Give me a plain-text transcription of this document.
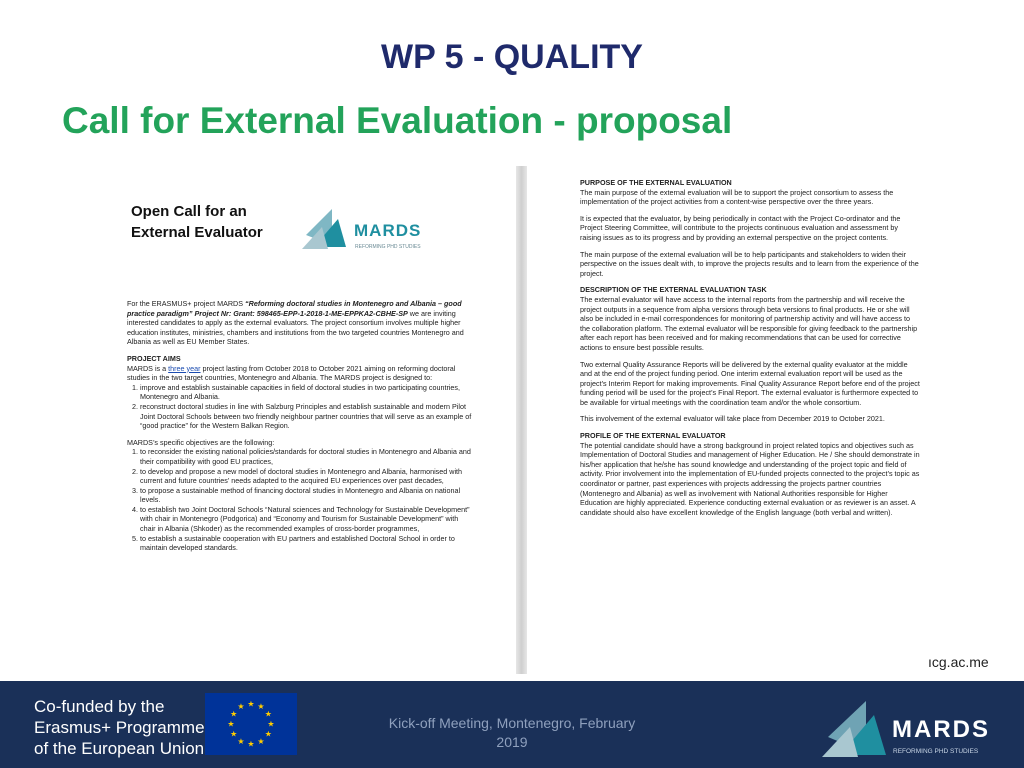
WP 5 - QUALITY
Call for External Evaluation - proposal
Open Call for an
External Evaluator	MARDS
REFORMING PHD STUDIES

For the ERASMUS+ project MARDS “Reforming doctoral studies in Montenegro and Albania – good practice paradigm” Project Nr: Grant: 598465-EPP-1-2018-1-ME-EPPKA2-CBHE-SP we are inviting interested candidates to apply as the external evaluators. The project consortium involves multiple higher education institutes, ministries, chambers and institutions from the two targeted countries Montenegro and Albania as well as EU Member States.

PROJECT AIMS

MARDS is a three year project lasting from October 2018 to October 2021 aiming on reforming doctoral studies in the two target countries, Montenegro and Albania. The MARDS project is designed to:

1. improve and establish sustainable capacities in field of doctoral studies in two participating countries, Montenegro and Albania.
2. reconstruct doctoral studies in line with Salzburg Principles and establish sustainable and modern Pilot Joint Doctoral Schools between two friendly neighbour partner countries that will serve as an example of “good practice” for the Western Balkan Region.

MARDS’s specific objectives are the following:

1. to reconsider the existing national policies/standards for doctoral studies in Montenegro and Albania and their compatibility with good EU practices,
2. to develop and propose a new model of doctoral studies in Montenegro and Albania, harmonised with current and future countries’ needs adapted to the acquired EU experiences over past decades,
3. to propose a sustainable method of financing doctoral studies in Montenegro and Albania on national levels.
4. to establish two Joint Doctoral Schools “Natural sciences and Technology for Sustainable Development” with chair in Montenegro (Podgorica) and “Economy and Tourism for Sustainable Development” with chair in Albania (Shkoder) as the recommended examples of cross-border programmes,
5. to establish a sustainable cooperation with EU partners and established Doctoral School in order to maintain developed standards.

PURPOSE OF THE EXTERNAL EVALUATION

The main purpose of the external evaluation will be to support the project consortium to assess the implementation of the project activities from a content-wise perspective over the three years.

It is expected that the evaluator, by being periodically in contact with the Project Co-ordinator and the Project Steering Committee, will contribute to the projects continuous evaluation and assessment by raising issues as to its progress and by providing an external perspective on the project contents.

The main purpose of the external evaluation will be to help participants and stakeholders to widen their perspective on the issues dealt with, to improve the projects results and to learn from the experience of the project.

DESCRIPTION OF THE EXTERNAL EVALUATION TASK

The external evaluator will have access to the internal reports from the partnership and will receive the project outputs in a sequence from alpha versions through beta versions to final products. He or she will also be included in e-mail correspondences for monitoring of partnership activity and will have access to the collaboration platform. The external evaluator will be responsible for giving feedback to the partnership after each report has been received and for making recommendations that can be used for corrective actions to ensure best possible results.

Two external Quality Assurance Reports will be delivered by the external quality evaluator at the middle and at the end of the project funding period. One interim external evaluation report will be used as the project’s Interim Report for making improvements. Final Quality Assurance Report before end of the project funding period will be used for the project’s Final Report. The external evaluator is furthermore expected to be available for virtual meetings with the coordination team and/or the whole consortium.

This involvement of the external evaluator will take place from December 2019 to October 2021.

PROFILE OF THE EXTERNAL EVALUATOR

The potential candidate should have a strong background in project related topics and objectives such as Implementation of Doctoral Studies and management of Higher Education. He / She should demonstrate in his/her application that he/she has sound knowledge and understanding of the project topic and field of activity. Prior involvement into the implementation of EU-funded projects connected to the project’s topic as coordinator or partner, past experiences with projects addressing the projects partner countries (Montenegro and Albania) as well as involvement with National Authorities responsible for Higher Education are highly appreciated. Experience conducting external evaluation or as reviewer is an asset. A candidate should also have excellent knowledge of the English language (both verbal and written).

ıcg.ac.me
Co-funded by the
Erasmus+ Programme
of the European Union
★ ★
★
★
★
★
★
★
★
★
★
★
Kick-off Meeting, Montenegro, February
2019	MARDS
REFORMING PHD STUDIES
